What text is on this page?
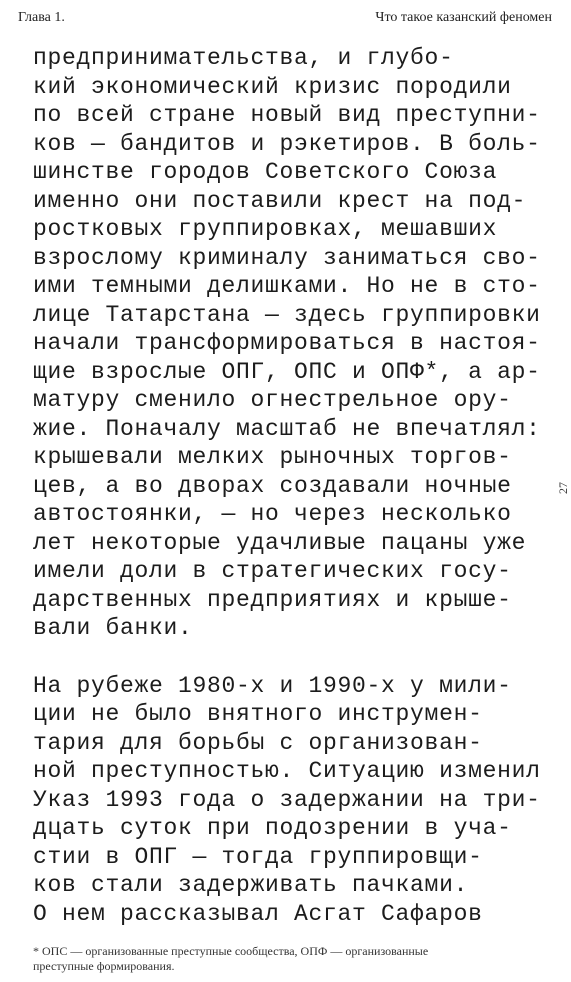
Глава 1.	Что такое казанский феномен
предпринимательства, и глубо-
кий экономический кризис породили
по всей стране новый вид преступни-
ков — бандитов и рэкетиров. В боль-
шинстве городов Советского Союза
именно они поставили крест на под-
ростковых группировках, мешавших
взрослому криминалу заниматься сво-
ими темными делишками. Но не в сто-
лице Татарстана — здесь группировки
начали трансформироваться в настоя-
щие взрослые ОПГ, ОПС и ОПФ*, а ар-
матуру сменило огнестрельное ору-
жие. Поначалу масштаб не впечатлял:
крышевали мелких рыночных торгов-
цев, а во дворах создавали ночные
автостоянки, — но через несколько
лет некоторые удачливые пацаны уже
имели доли в стратегических госу-
дарственных предприятиях и крыше-
вали банки.
На рубеже 1980-х и 1990-х у мили-
ции не было внятного инструмен-
тария для борьбы с организован-
ной преступностью. Ситуацию изменил
Указ 1993 года о задержании на три-
дцать суток при подозрении в уча-
стии в ОПГ — тогда группировщи-
ков стали задерживать пачками.
О нем рассказывал Асгат Сафаров
27
* ОПС — организованные преступные сообщества, ОПФ — организованные
преступные формирования.
